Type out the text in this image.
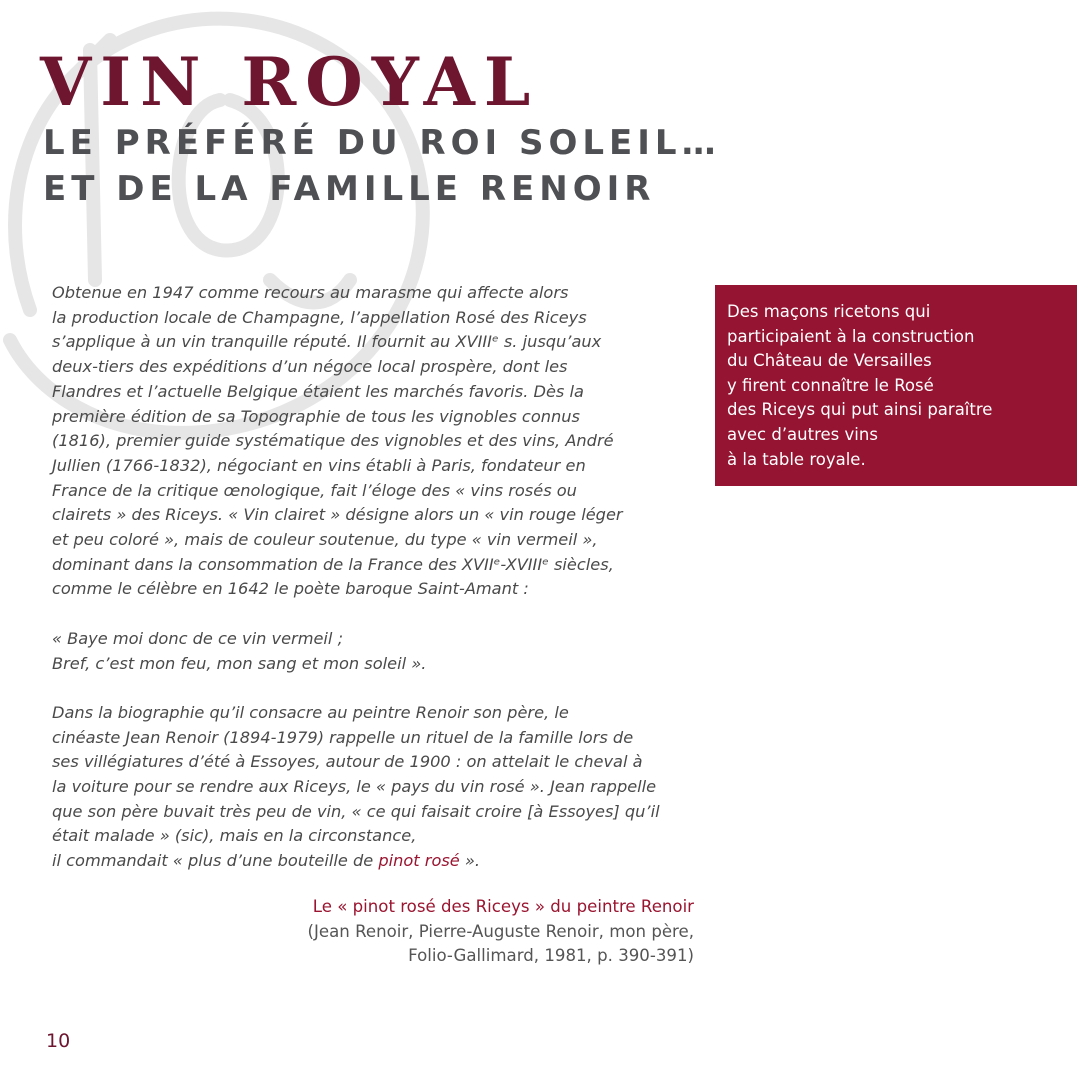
VIN ROYAL
LE PRÉFÉRÉ DU ROI SOLEIL…
ET DE LA FAMILLE RENOIR

Obtenue en 1947 comme recours au marasme qui affecte alors
la production locale de Champagne, l’appellation Rosé des Riceys
s’applique à un vin tranquille réputé. Il fournit au XVIIIᵉ s. jusqu’aux
deux-tiers des expéditions d’un négoce local prospère, dont les
Flandres et l’actuelle Belgique étaient les marchés favoris. Dès la
première édition de sa Topographie de tous les vignobles connus
(1816), premier guide systématique des vignobles et des vins, André
Jullien (1766-1832), négociant en vins établi à Paris, fondateur en
France de la critique œnologique, fait l’éloge des « vins rosés ou
clairets » des Riceys. « Vin clairet » désigne alors un « vin rouge léger
et peu coloré », mais de couleur soutenue, du type « vin vermeil »,
dominant dans la consommation de la France des XVIIᵉ-XVIIIᵉ siècles,
comme le célèbre en 1642 le poète baroque Saint-Amant :

« Baye moi donc de ce vin vermeil ;
Bref, c’est mon feu, mon sang et mon soleil ».

Dans la biographie qu’il consacre au peintre Renoir son père, le
cinéaste Jean Renoir (1894-1979) rappelle un rituel de la famille lors de
ses villégiatures d’été à Essoyes, autour de 1900 : on attelait le cheval à
la voiture pour se rendre aux Riceys, le « pays du vin rosé ». Jean rappelle
que son père buvait très peu de vin, « ce qui faisait croire [à Essoyes] qu’il
était malade » (sic), mais en la circonstance,
il commandait « plus d’une bouteille de pinot rosé ».

Le « pinot rosé des Riceys » du peintre Renoir
(Jean Renoir, Pierre-Auguste Renoir, mon père,
Folio-Gallimard, 1981, p. 390-391)
Des maçons ricetons qui
participaient à la construction
du Château de Versailles
y firent connaître le Rosé
des Riceys qui put ainsi paraître
avec d’autres vins
à la table royale.
10
